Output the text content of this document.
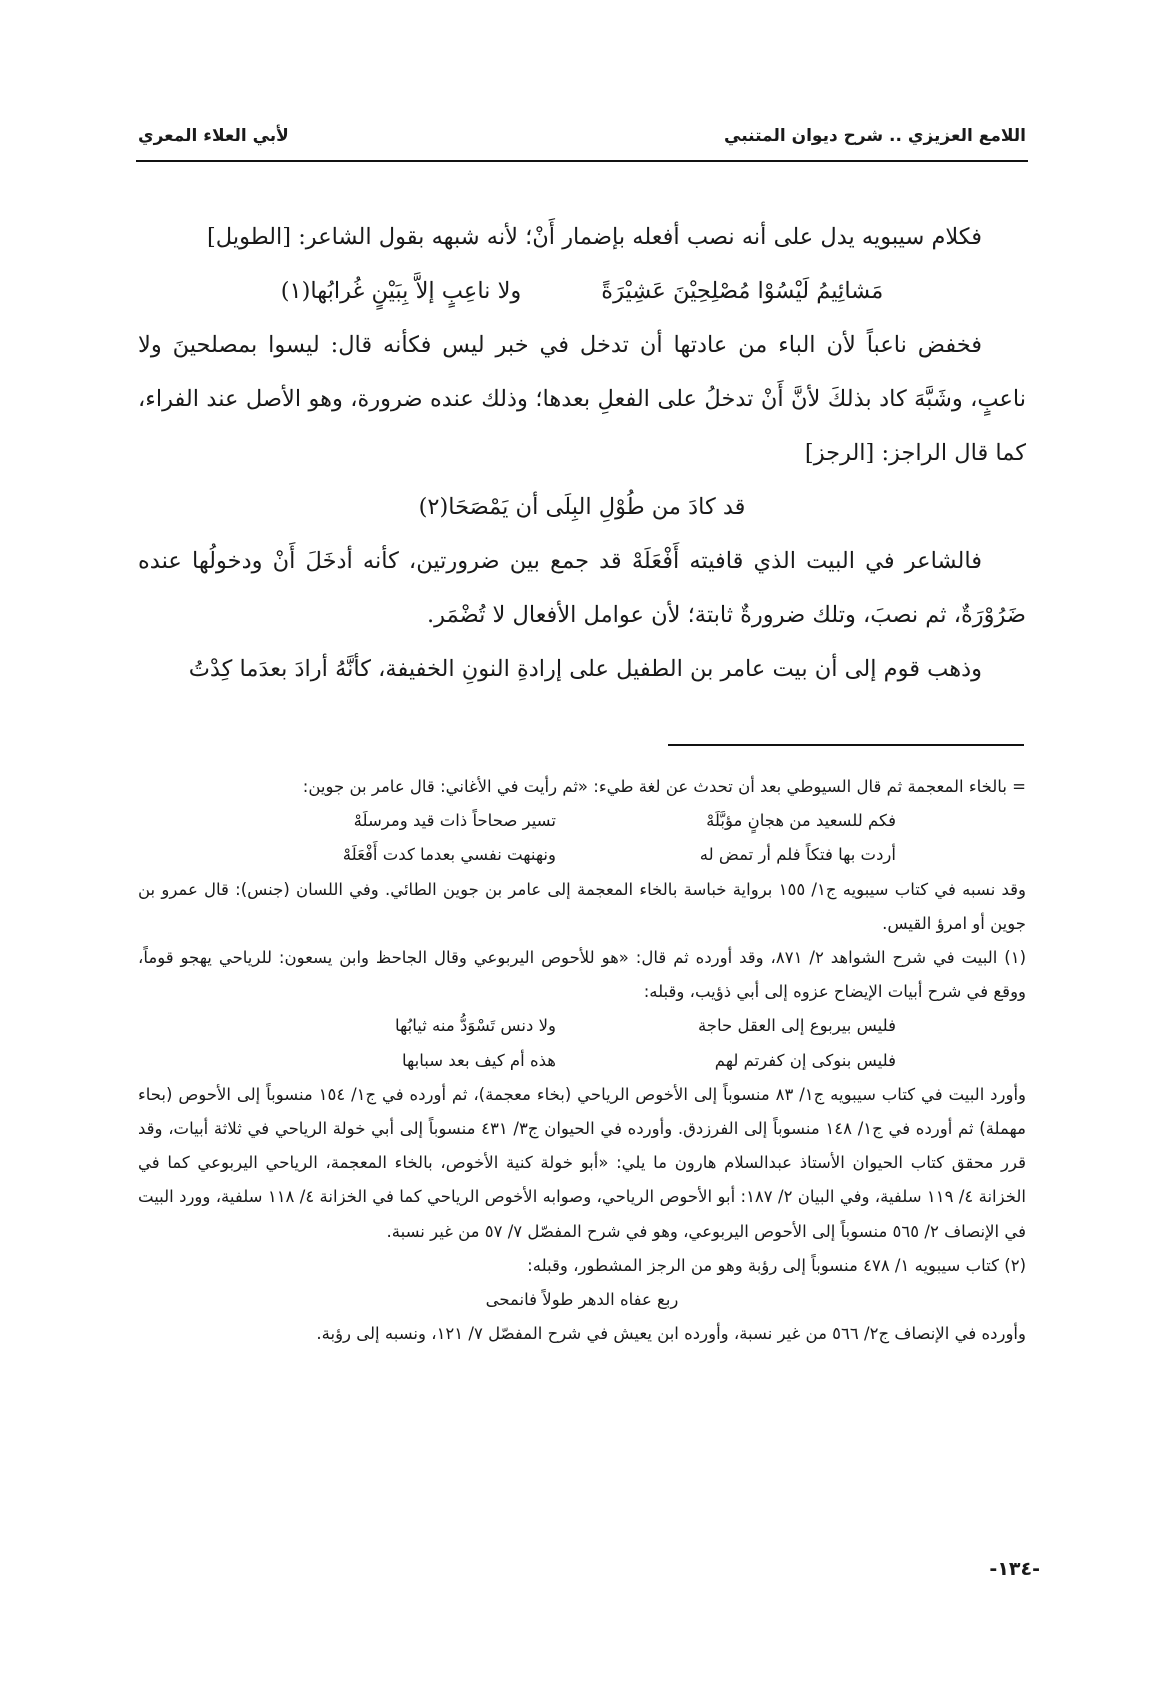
اللامع العزيزي .. شرح ديوان المتنبي
لأبي العلاء المعري

فكلام سيبويه يدل على أنه نصب أفعله بإضمار أَنْ؛ لأنه شبهه بقول الشاعر: [الطويل]

مَشائِيمُ لَيْسُوْا مُصْلِحِيْنَ عَشِيْرَةً
ولا ناعِبٍ إلاَّ بِبَيْنٍ غُرابُها(١)

فخفض ناعباً لأن الباء من عادتها أن تدخل في خبر ليس فكأنه قال: ليسوا بمصلحينَ ولا ناعبٍ، وشَبَّهَ كاد بذلكَ لأنَّ أَنْ تدخلُ على الفعلِ بعدها؛ وذلك عنده ضرورة، وهو الأصل عند الفراء، كما قال الراجز: [الرجز]

قد كادَ من طُوْلِ البِلَى أن يَمْصَحَا(٢)

فالشاعر في البيت الذي قافيته أَفْعَلَهْ قد جمع بين ضرورتين، كأنه أدخَلَ أَنْ ودخولُها عنده ضَرُوْرَةٌ، ثم نصبَ، وتلك ضرورةٌ ثابتة؛ لأن عوامل الأفعال لا تُضْمَر.

وذهب قوم إلى أن بيت عامر بن الطفيل على إرادةِ النونِ الخفيفة، كأنَّهُ أرادَ بعدَما كِدْتُ

= بالخاء المعجمة ثم قال السيوطي بعد أن تحدث عن لغة طيء: «ثم رأيت في الأغاني: قال عامر بن جوين:

فكم للسعيد من هجانٍ مؤبَّلَهْ
تسير صحاحاً ذات قيد ومرسلَهْ
أردت بها فتكاً فلم أر تمض له
ونهنهت نفسي بعدما كدت أَفْعَلَهْ

وقد نسبه في كتاب سيبويه ج١/ ١٥٥ برواية خباسة بالخاء المعجمة إلى عامر بن جوين الطائي. وفي اللسان (جنس): قال عمرو بن جوين أو امرؤ القيس.

(١) البيت في شرح الشواهد ٢/ ٨٧١، وقد أورده ثم قال: «هو للأحوص اليربوعي وقال الجاحظ وابن يسعون: للرياحي يهجو قوماً، ووقع في شرح أبيات الإيضاح عزوه إلى أبي ذؤيب، وقبله:

فليس بيربوع إلى العقل حاجة
ولا دنس تَسْوَدُّ منه ثيابُها
فليس بنوكى إن كفرتم لهم
هذه أم كيف بعد سبابها

وأورد البيت في كتاب سيبويه ج١/ ٨٣ منسوباً إلى الأخوص الرياحي (بخاء معجمة)، ثم أورده في ج١/ ١٥٤ منسوباً إلى الأحوص (بحاء مهملة) ثم أورده في ج١/ ١٤٨ منسوباً إلى الفرزدق. وأورده في الحيوان ج٣/ ٤٣١ منسوباً إلى أبي خولة الرياحي في ثلاثة أبيات، وقد قرر محقق كتاب الحيوان الأستاذ عبدالسلام هارون ما يلي: «أبو خولة كنية الأخوص، بالخاء المعجمة، الرياحي اليربوعي كما في الخزانة ٤/ ١١٩ سلفية، وفي البيان ٢/ ١٨٧: أبو الأحوص الرياحي، وصوابه الأخوص الرياحي كما في الخزانة ٤/ ١١٨ سلفية، وورد البيت في الإنصاف ٢/ ٥٦٥ منسوباً إلى الأحوص اليربوعي، وهو في شرح المفصّل ٧/ ٥٧ من غير نسبة.

(٢) كتاب سيبويه ١/ ٤٧٨ منسوباً إلى رؤبة وهو من الرجز المشطور، وقبله:

ربع عفاه الدهر طولاً فانمحى

وأورده في الإنصاف ج٢/ ٥٦٦ من غير نسبة، وأورده ابن يعيش في شرح المفصّل ٧/ ١٢١، ونسبه إلى رؤبة.

-١٣٤-
